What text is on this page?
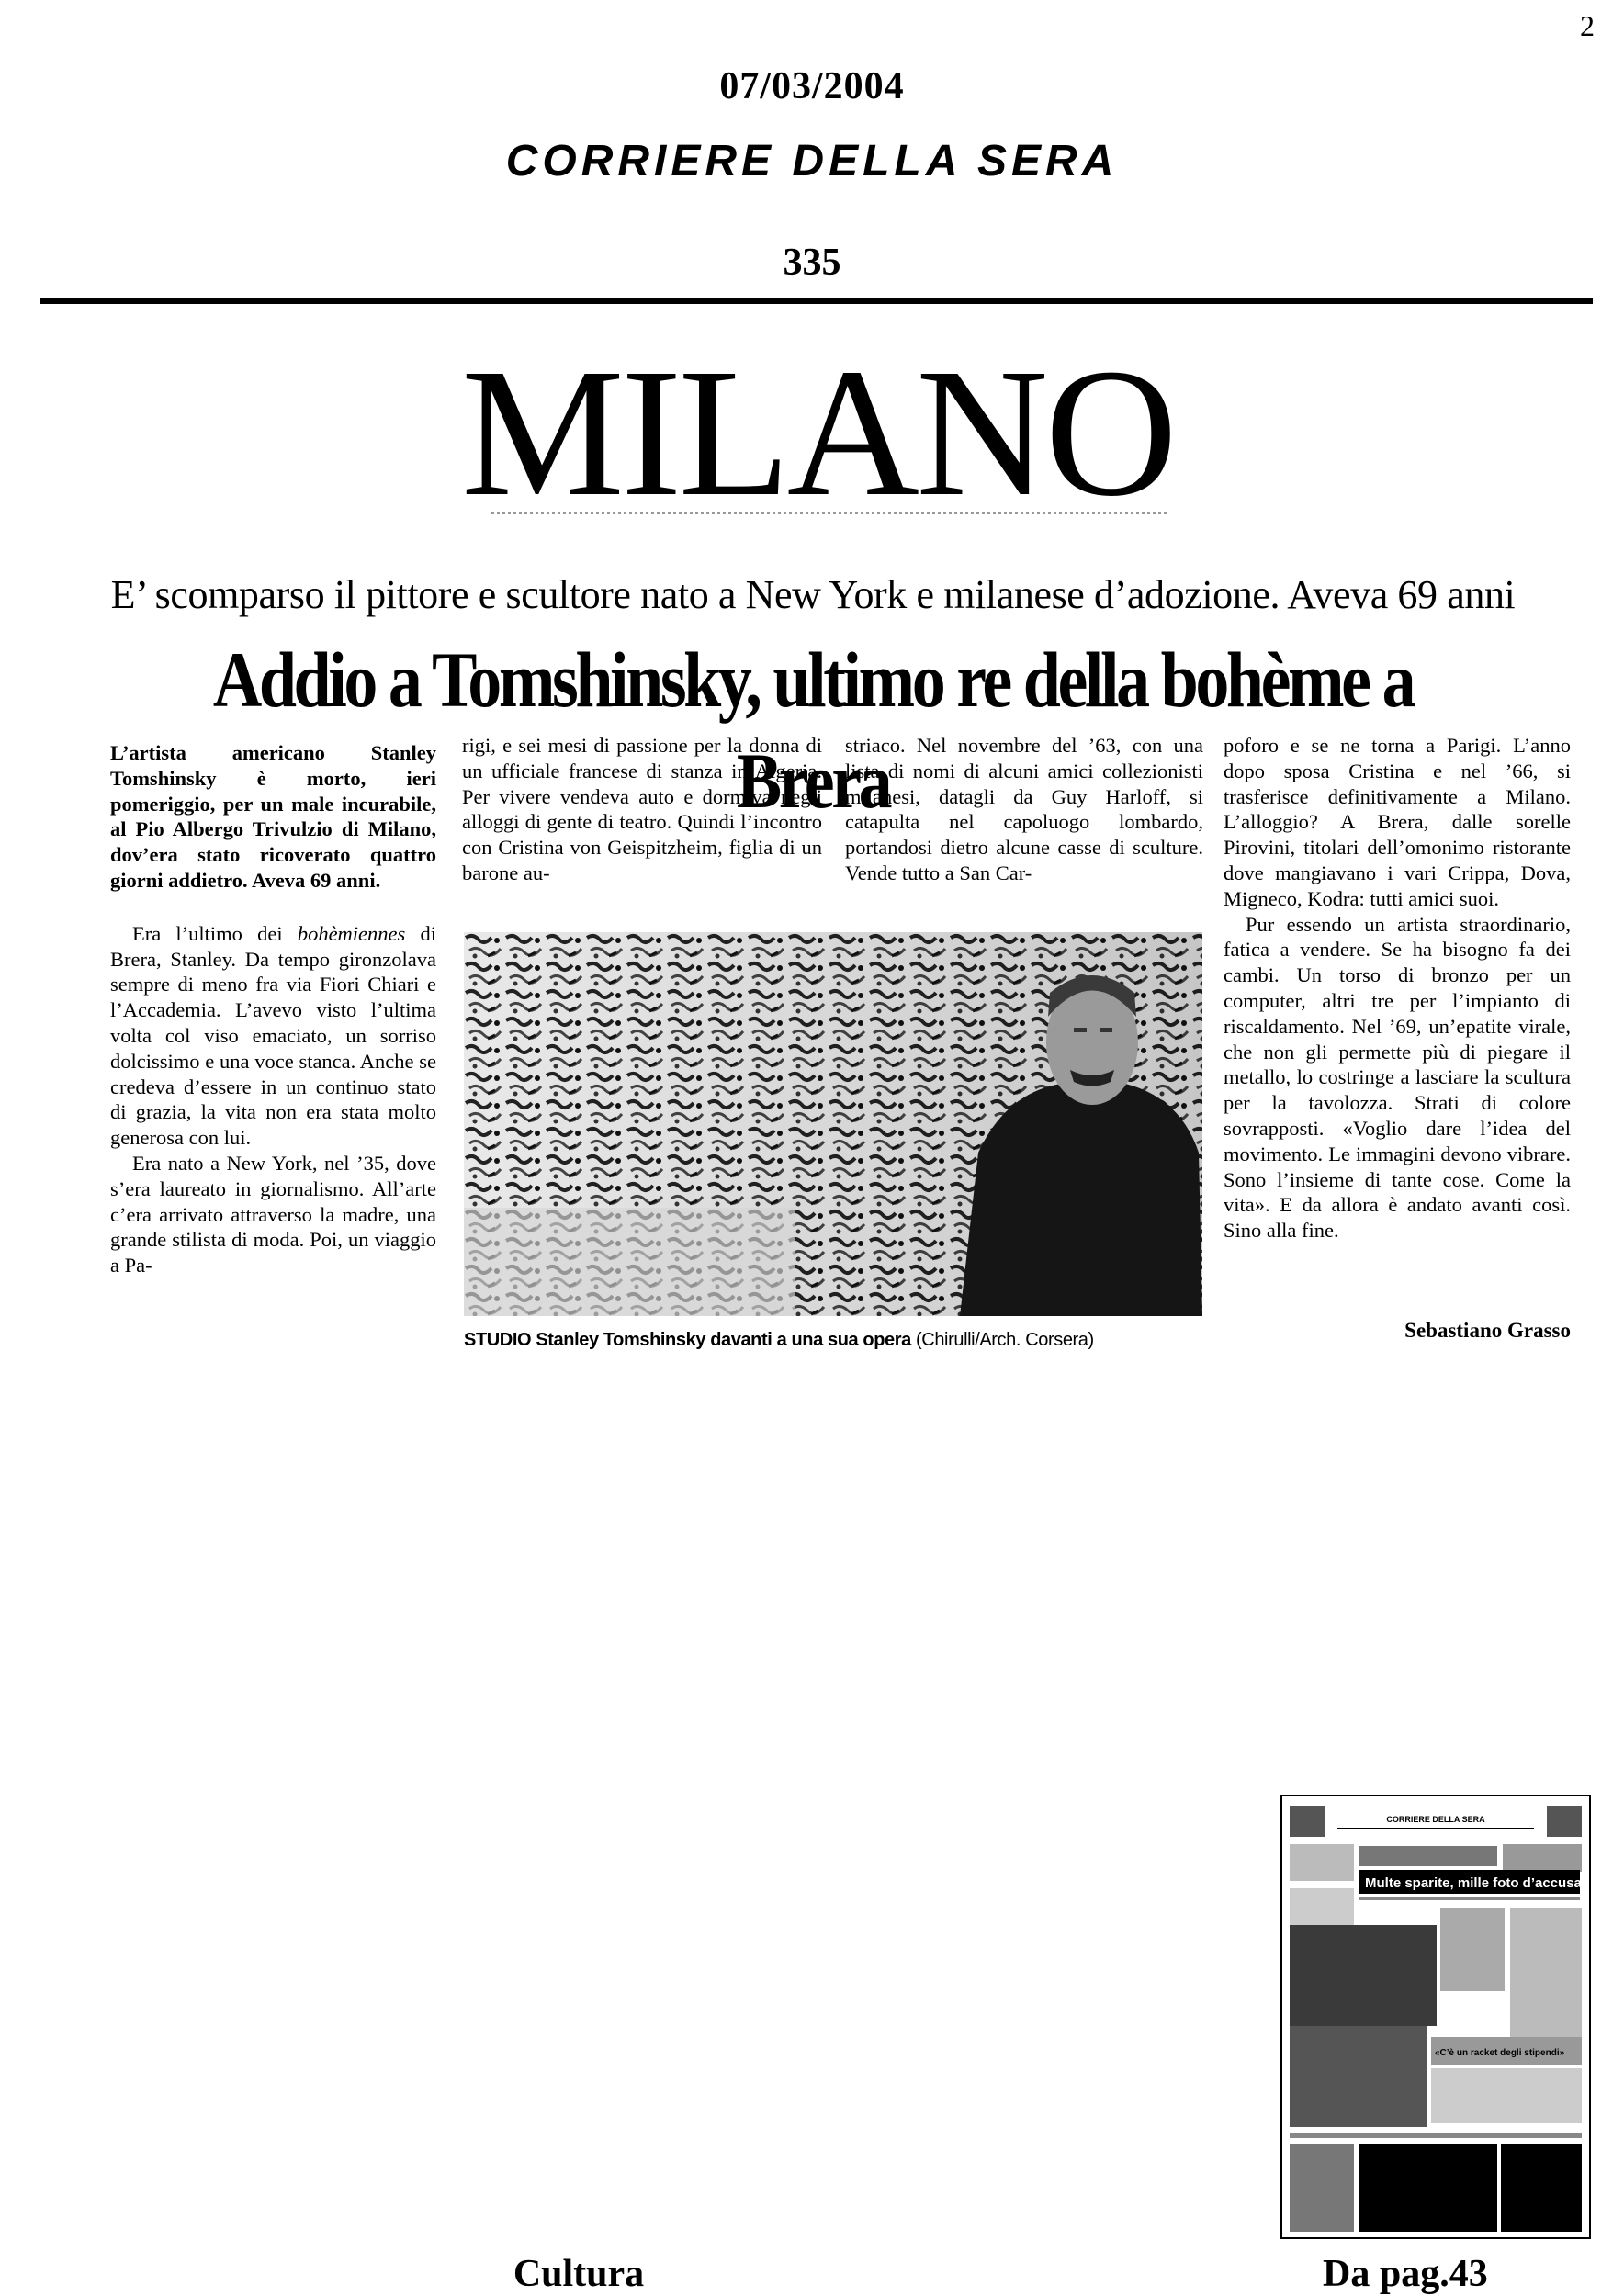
2
07/03/2004
CORRIERE DELLA SERA
335
MILANO
E’ scomparso il pittore e scultore nato a New York e milanese d’adozione. Aveva 69 anni
Addio a Tomshinsky, ultimo re della bohème a Brera

L’artista americano Stanley Tomshinsky è morto, ieri pomeriggio, per un male incurabile, al Pio Albergo Trivulzio di Milano, dov’era stato ricoverato quattro giorni addietro. Aveva 69 anni.

Era l’ultimo dei bohèmiennes di Brera, Stanley. Da tempo gironzolava sempre di meno fra via Fiori Chiari e l’Accademia. L’avevo visto l’ultima volta col viso emaciato, un sorriso dolcissimo e una voce stanca. Anche se credeva d’essere in un continuo stato di grazia, la vita non era stata molto generosa con lui.

Era nato a New York, nel ’35, dove s’era laureato in giornalismo. All’arte c’era arrivato attraverso la madre, una grande stilista di moda. Poi, un viaggio a Pa-

rigi, e sei mesi di passione per la donna di un ufficiale francese di stanza in Algeria. Per vivere vendeva auto e dormiva negli alloggi di gente di teatro. Quindi l’incontro con Cristina von Geispitzheim, figlia di un barone au-

striaco. Nel novembre del ’63, con una lista di nomi di alcuni amici collezionisti milanesi, datagli da Guy Harloff, si catapulta nel capoluogo lombardo, portandosi dietro alcune casse di sculture. Vende tutto a San Car-

poforo e se ne torna a Parigi. L’anno dopo sposa Cristina e nel ’66, si trasferisce definitivamente a Milano. L’alloggio? A Brera, dalle sorelle Pirovini, titolari dell’omonimo ristorante dove mangiavano i vari Crippa, Dova, Migneco, Kodra: tutti amici suoi.

Pur essendo un artista straordinario, fatica a vendere. Se ha bisogno fa dei cambi. Un torso di bronzo per un computer, altri tre per l’impianto di riscaldamento. Nel ’69, un’epatite virale, che non gli permette più di piegare il metallo, lo costringe a lasciare la scultura per la tavolozza. Strati di colore sovrapposti. «Voglio dare l’idea del movimento. Le immagini devono vibrare. Sono l’insieme di tante cose. Come la vita». E da allora è andato avanti così. Sino alla fine.

Sebastiano Grasso
STUDIO Stanley Tomshinsky davanti a una sua opera (Chirulli/Arch. Corsera)
CORRIERE DELLA SERA
Multe sparite, mille foto d’accusa
«C’è un racket degli stipendi»
Cultura	Da pag.43
